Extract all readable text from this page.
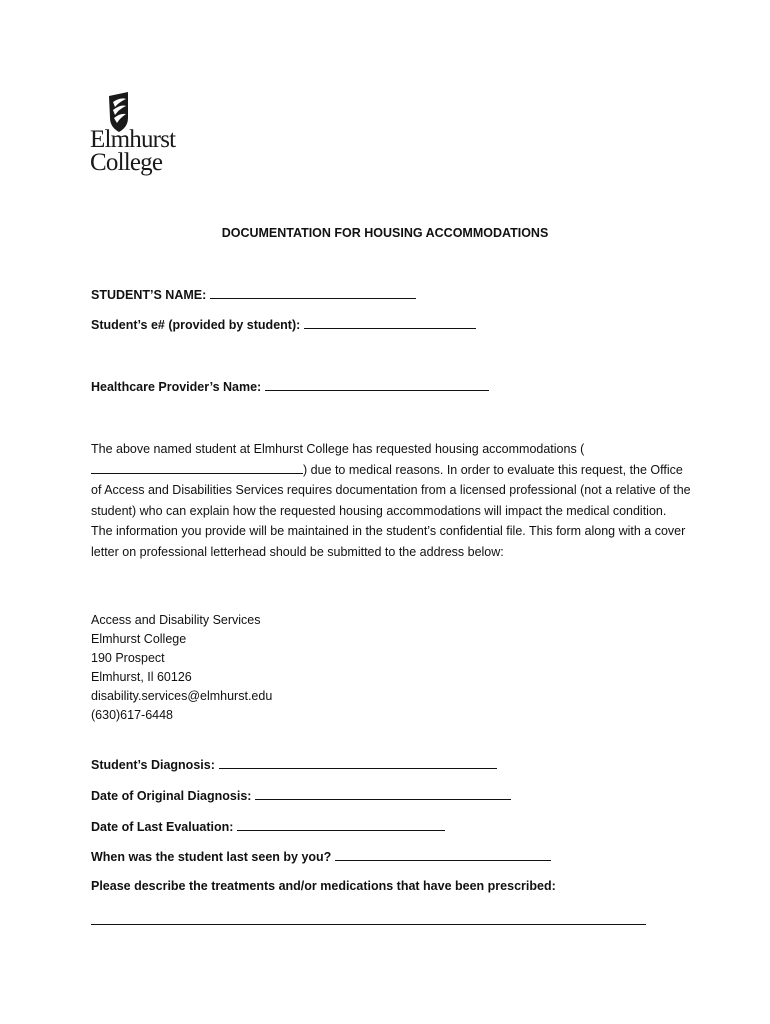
Elmhurst
College
DOCUMENTATION FOR HOUSING ACCOMMODATIONS
STUDENT’S NAME:
Student’s e# (provided by student):
Healthcare Provider’s Name:
The above named student at Elmhurst College has requested housing accommodations () due to medical reasons. In order to evaluate this request, the Office of Access and Disabilities Services requires documentation from a licensed professional (not a relative of the student) who can explain how the requested housing accommodations will impact the medical condition. The information you provide will be maintained in the student’s confidential file. This form along with a cover letter on professional letterhead should be submitted to the address below:
Access and Disability Services
Elmhurst College
190 Prospect
Elmhurst, Il 60126
disability.services@elmhurst.edu
(630)617-6448
Student’s Diagnosis:
Date of Original Diagnosis:
Date of Last Evaluation:
When was the student last seen by you?
Please describe the treatments and/or medications that have been prescribed:
